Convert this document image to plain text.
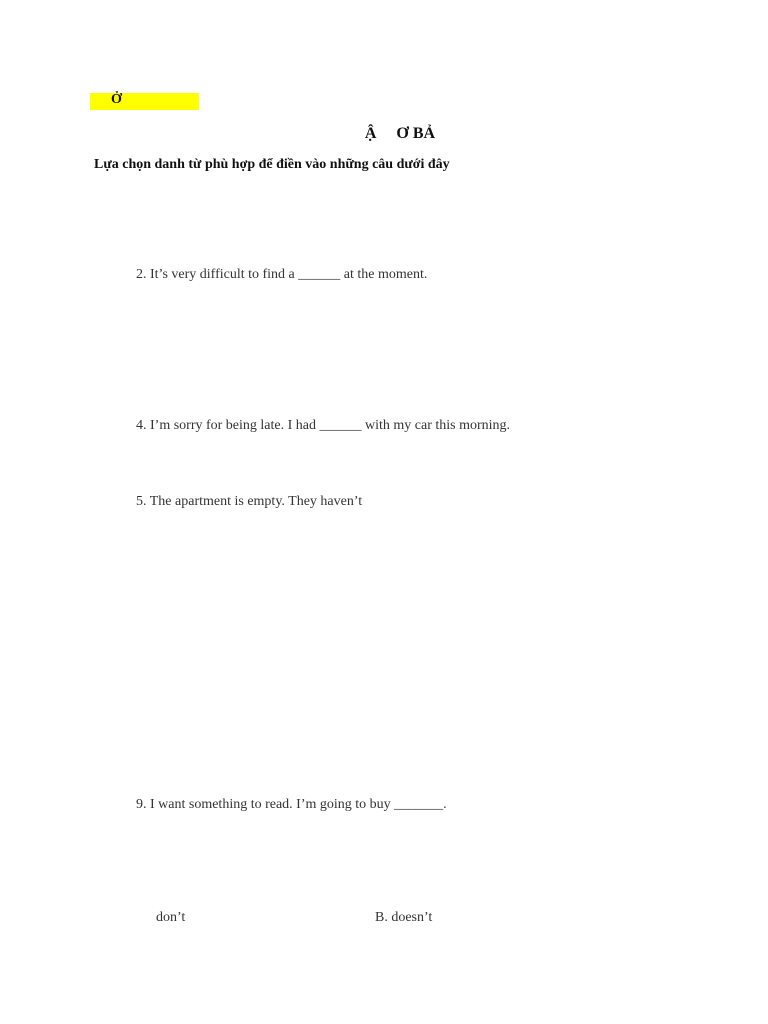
Ở
Ậ     Ơ BẢ
Lựa chọn danh từ phù hợp để điền vào những câu dưới đây
2. It’s very difficult to find a ______ at the moment.
4. I’m sorry for being late. I had ______ with my car this morning.
5. The apartment is empty. They haven’t
9. I want something to read. I’m going to buy _______.
don’t	B. doesn’t
